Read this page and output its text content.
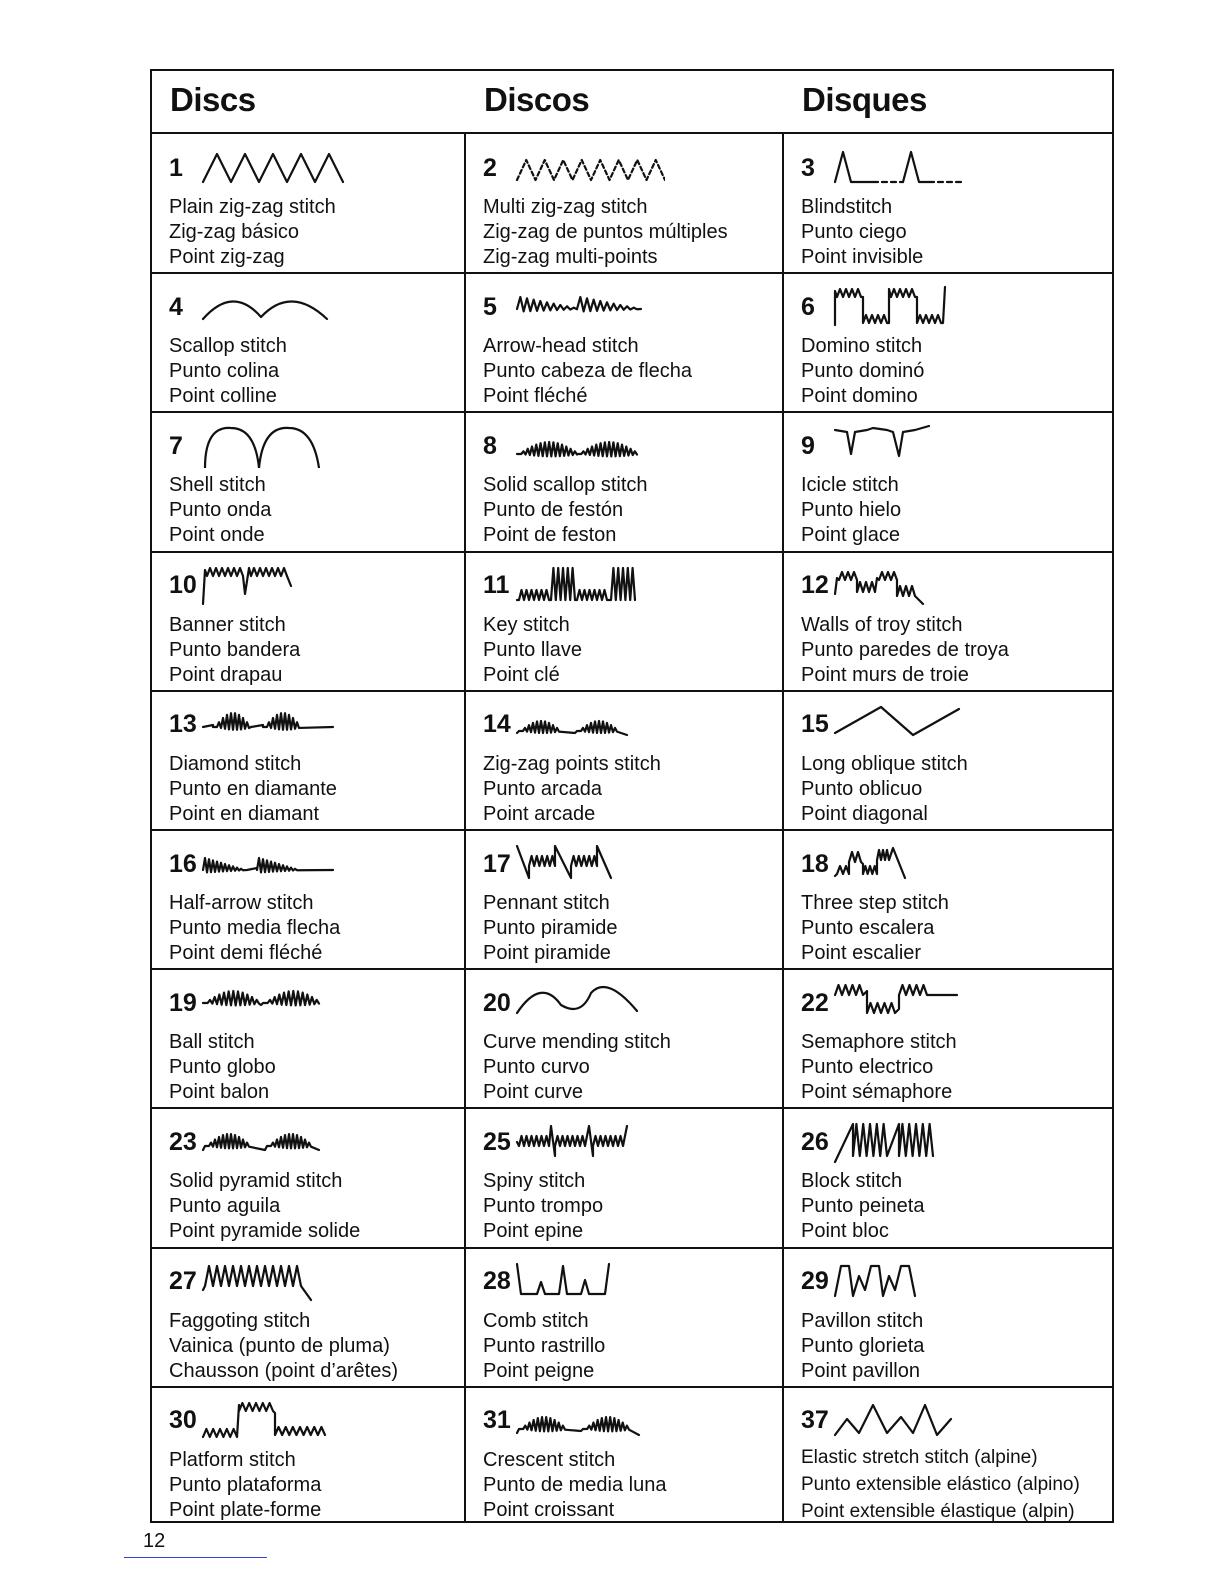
Discs	Discos	Disques
1
Plain zig-zag stitch
Zig-zag básico
Point zig-zag
2
Multi zig-zag stitch
Zig-zag de puntos múltiples
Zig-zag multi-points
3
Blindstitch
Punto ciego
Point invisible
4
Scallop stitch
Punto colina
Point colline
5
Arrow-head stitch
Punto cabeza de flecha
Point fléché
6
Domino stitch
Punto dominó
Point domino
7
Shell stitch
Punto onda
Point onde
8
Solid scallop stitch
Punto de festón
Point de feston
9
Icicle stitch
Punto hielo
Point glace
10
Banner stitch
Punto bandera
Point drapau
11
Key stitch
Punto llave
Point clé
12
Walls of troy stitch
Punto paredes de troya
Point murs de troie
13
Diamond stitch
Punto en diamante
Point en diamant
14
Zig-zag points stitch
Punto arcada
Point arcade
15
Long oblique stitch
Punto oblicuo
Point diagonal
16
Half-arrow stitch
Punto media flecha
Point demi fléché
17
Pennant stitch
Punto piramide
Point piramide
18
Three step stitch
Punto escalera
Point escalier
19
Ball stitch
Punto globo
Point balon
20
Curve mending stitch
Punto curvo
Point curve
22
Semaphore stitch
Punto electrico
Point sémaphore
23
Solid pyramid stitch
Punto aguila
Point pyramide solide
25
Spiny stitch
Punto trompo
Point epine
26
Block stitch
Punto peineta
Point bloc
27
Faggoting stitch
Vainica (punto de pluma)
Chausson (point d’arêtes)
28
Comb stitch
Punto rastrillo
Point peigne
29
Pavillon stitch
Punto glorieta
Point pavillon
30
Platform stitch
Punto plataforma
Point plate-forme
31
Crescent stitch
Punto de media luna
Point croissant
37
Elastic stretch stitch (alpine)
Punto extensible elástico (alpino)
Point extensible élastique (alpin)
12
